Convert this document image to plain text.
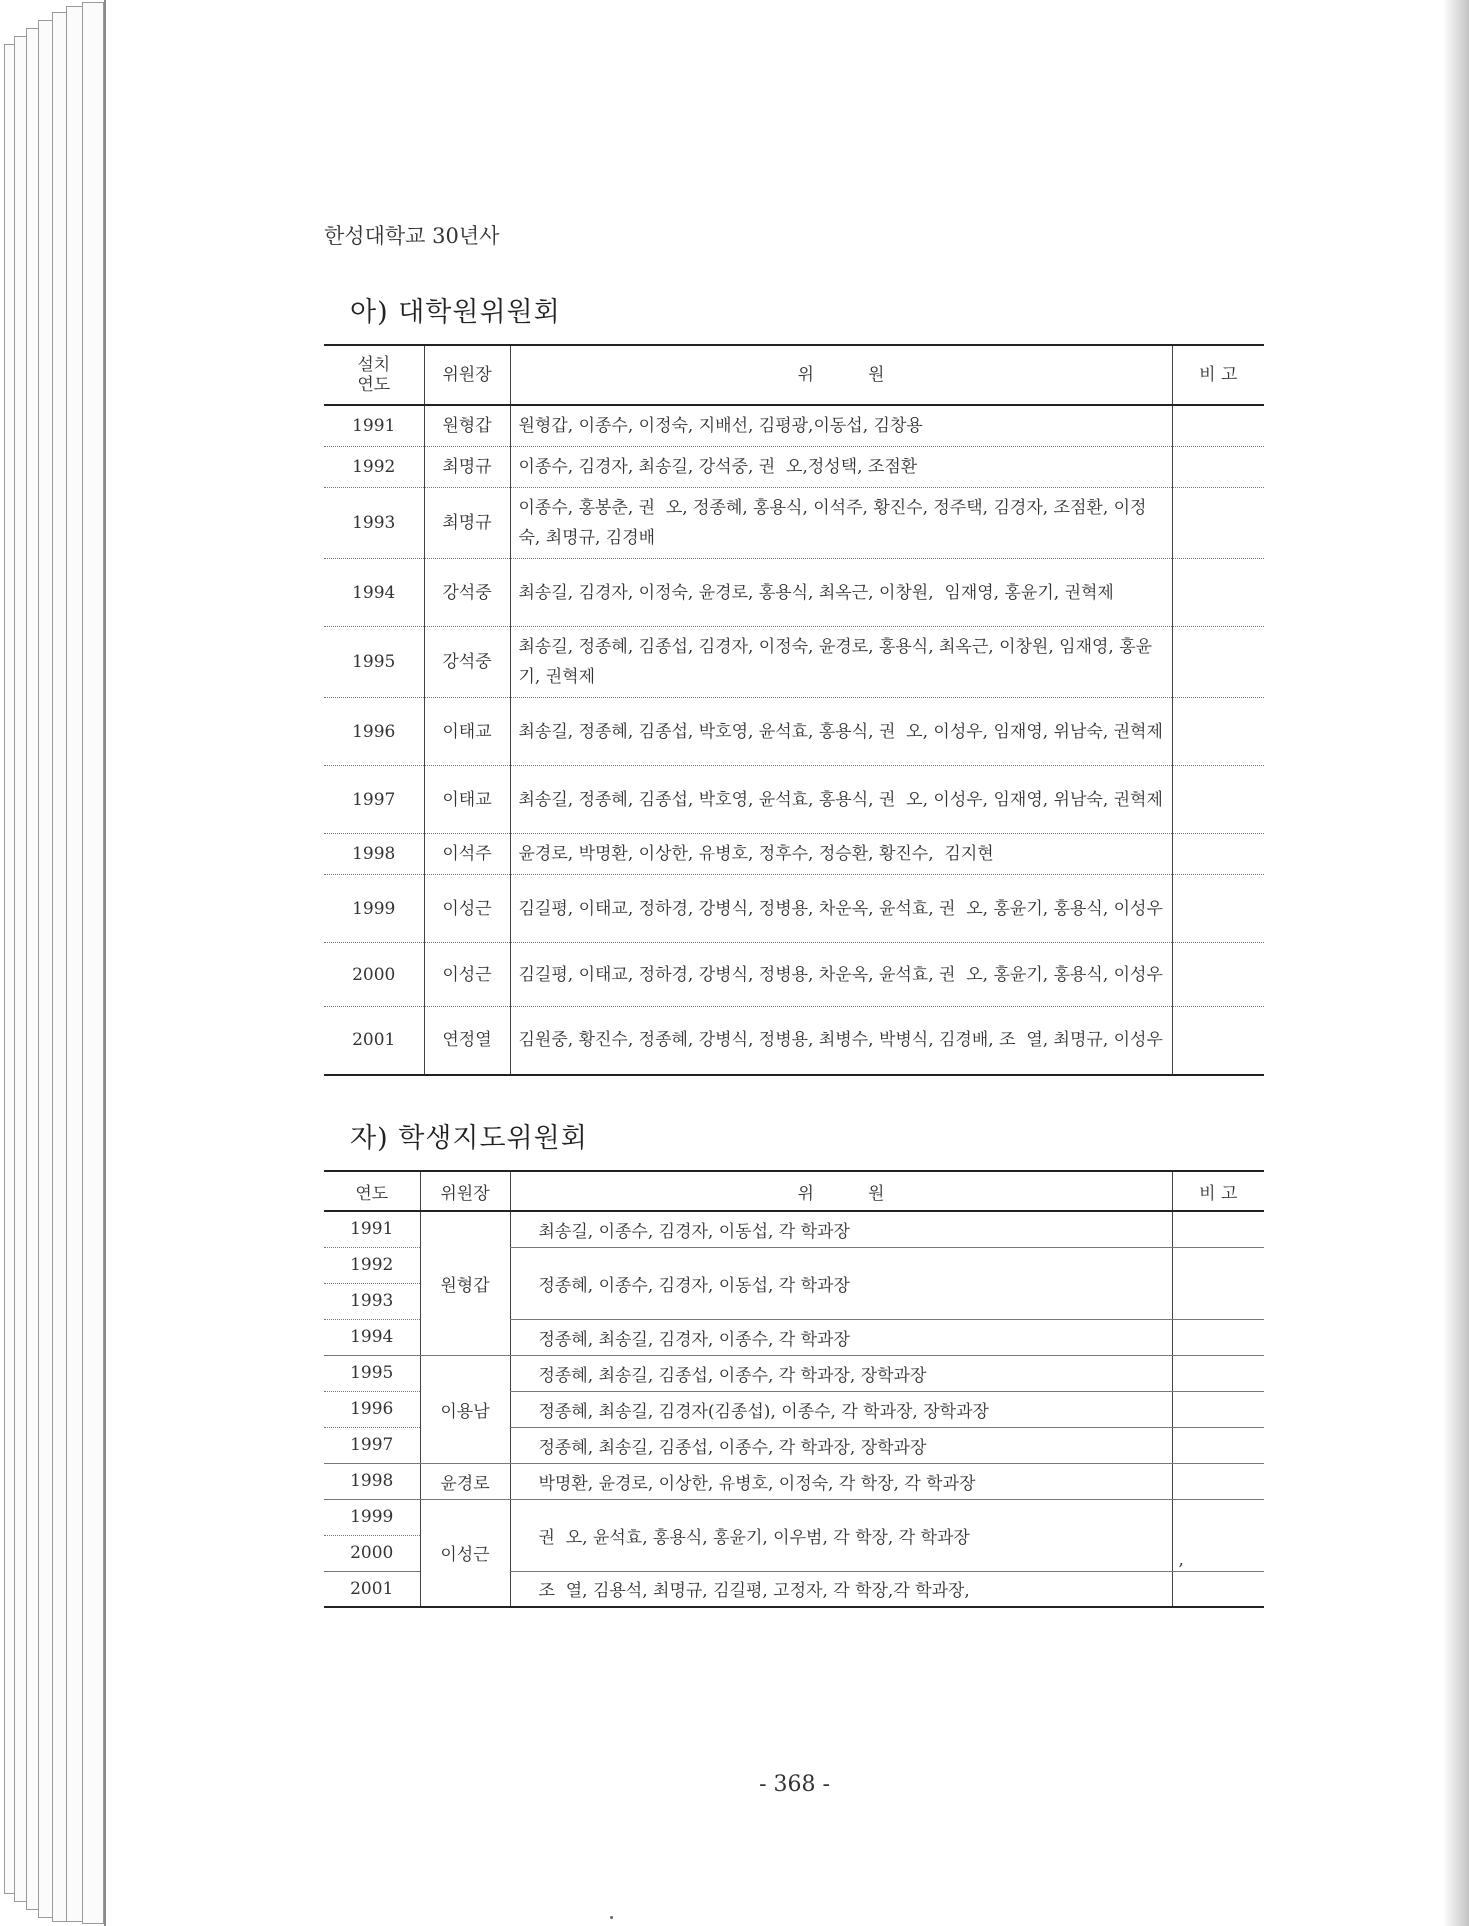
한성대학교 30년사
아) 대학원위원회
설치
연도	위원장	위          원	비 고
1991	원형갑	원형갑, 이종수, 이정숙, 지배선, 김평광,이동섭, 김창용	
1992	최명규	이종수, 김경자, 최송길, 강석중, 권  오,정성택, 조점환	
1993	최명규	이종수, 홍봉춘, 권  오, 정종혜, 홍용식, 이석주, 황진수, 정주택, 김경자, 조점환, 이정숙, 최명규, 김경배	
1994	강석중	최송길, 김경자, 이정숙, 윤경로, 홍용식, 최옥근, 이창원,  임재영, 홍윤기, 권혁제	
1995	강석중	최송길, 정종혜, 김종섭, 김경자, 이정숙, 윤경로, 홍용식, 최옥근, 이창원, 임재영, 홍윤기, 권혁제	
1996	이태교	최송길, 정종혜, 김종섭, 박호영, 윤석효, 홍용식, 권  오, 이성우, 임재영, 위남숙, 권혁제	
1997	이태교	최송길, 정종혜, 김종섭, 박호영, 윤석효, 홍용식, 권  오, 이성우, 임재영, 위남숙, 권혁제	
1998	이석주	윤경로, 박명환, 이상한, 유병호, 정후수, 정승환, 황진수,  김지현	
1999	이성근	김길평, 이태교, 정하경, 강병식, 정병용, 차운옥, 윤석효, 권  오, 홍윤기, 홍용식, 이성우	
2000	이성근	김길평, 이태교, 정하경, 강병식, 정병용, 차운옥, 윤석효, 권  오, 홍윤기, 홍용식, 이성우	
2001	연정열	김원중, 황진수, 정종혜, 강병식, 정병용, 최병수, 박병식, 김경배, 조  열, 최명규, 이성우	
자) 학생지도위원회
연도	위원장	위          원	비 고
1991	원형갑	최송길, 이종수, 김경자, 이동섭, 각 학과장	
1992		정종혜, 이종수, 김경자, 이동섭, 각 학과장	
1993			
1994		정종혜, 최송길, 김경자, 이종수, 각 학과장	
1995	이용남	정종혜, 최송길, 김종섭, 이종수, 각 학과장, 장학과장	
1996		정종혜, 최송길, 김경자(김종섭), 이종수, 각 학과장, 장학과장	
1997		정종혜, 최송길, 김종섭, 이종수, 각 학과장, 장학과장	
1998	윤경로	박명환, 윤경로, 이상한, 유병호, 이정숙, 각 학장, 각 학과장	
1999	이성근	권  오, 윤석효, 홍용식, 홍윤기, 이우범, 각 학장, 각 학과장	,
2000			
2001		조  열, 김용석, 최명규, 김길평, 고정자, 각 학장,각 학과장,	
- 368 -
